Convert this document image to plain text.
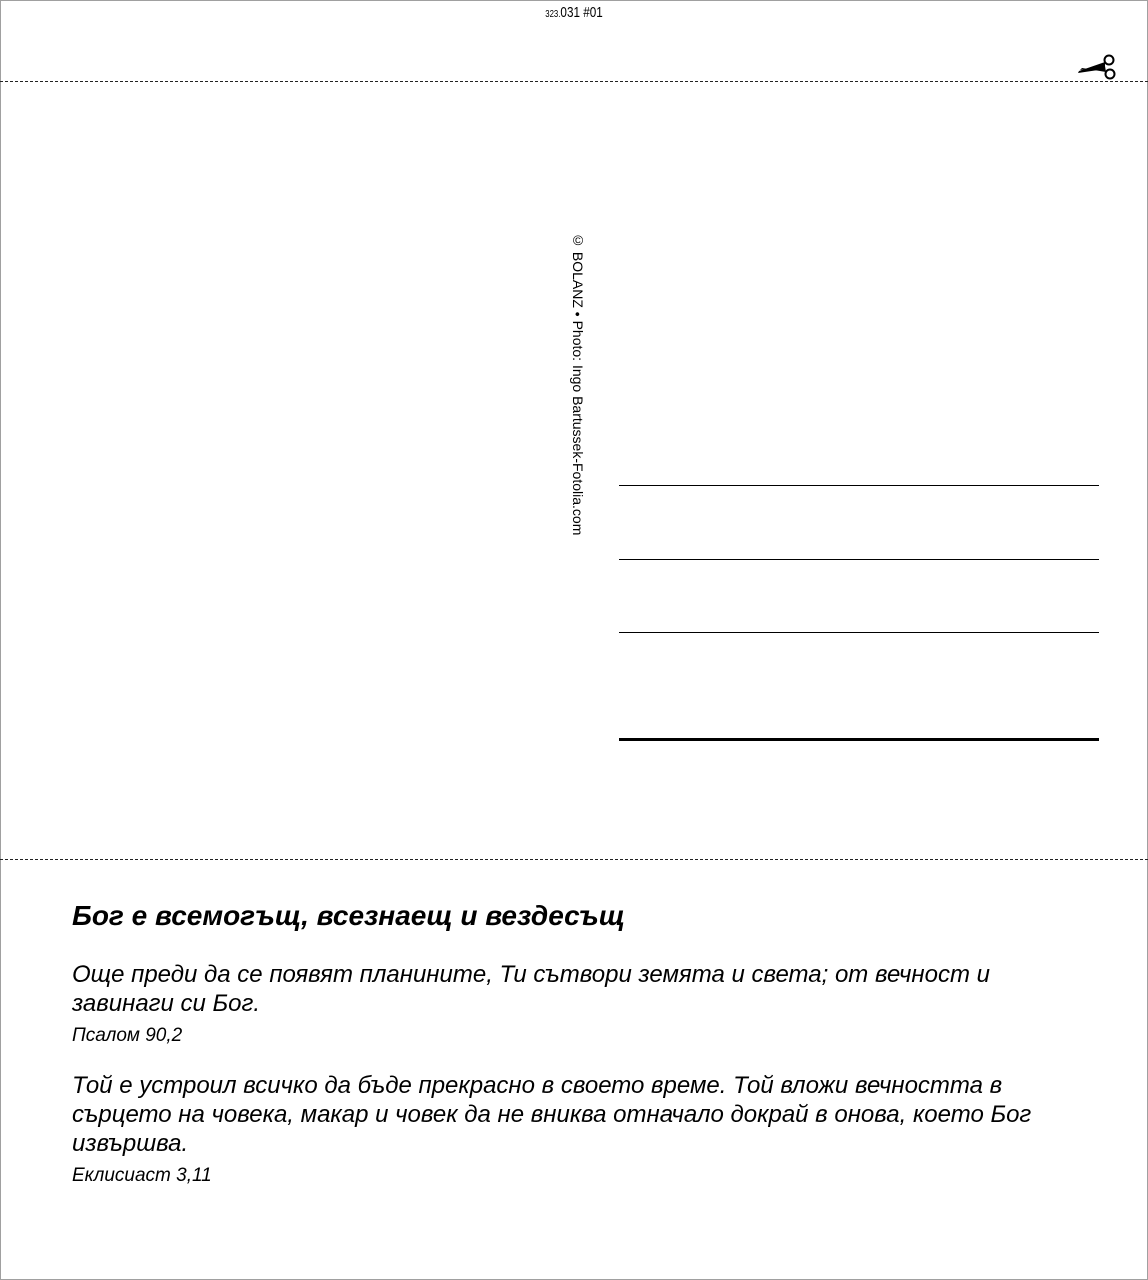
323.031 #01
© BOLANZ • Photo: Ingo Bartussek-Fotolia.com
Бог е всемогъщ, всезнаещ и вездесъщ

Още преди да се появят планините, Ти сътвори земята и света; от вечност и завинаги си Бог.

Псалом 90,2

Той е устроил всичко да бъде прекрасно в своето време. Той вложи вечността в сърцето на човека, макар и човек да не вниква отначало докрай в онова, което Бог извършва.

Еклисиаст 3,11
